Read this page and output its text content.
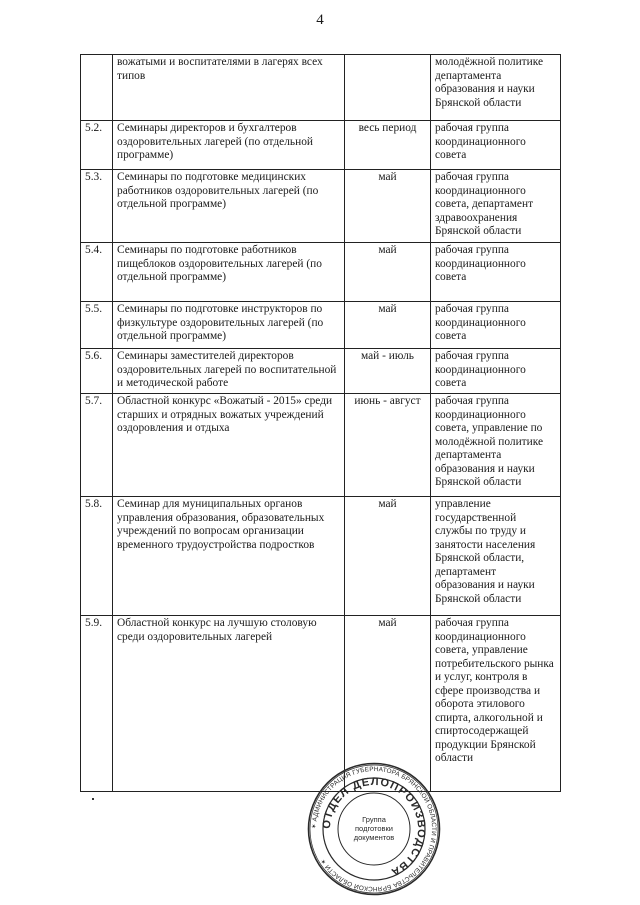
4
	вожатыми и воспитателями в лагерях всех типов		молодёжной политике департамента образования и науки Брянской области
5.2.	Семинары директоров и бухгалтеров оздоровительных лагерей (по отдельной программе)	весь период	рабочая группа координационного совета
5.3.	Семинары по подготовке медицинских работников оздоровительных лагерей (по отдельной программе)	май	рабочая группа координационного совета, департамент здравоохранения Брянской области
5.4.	Семинары по подготовке работников пищеблоков оздоровительных лагерей (по отдельной программе)	май	рабочая группа координационного совета
5.5.	Семинары по подготовке инструкторов по физкультуре оздоровительных лагерей (по отдельной программе)	май	рабочая группа координационного совета
5.6.	Семинары заместителей директоров оздоровительных лагерей по воспитательной и методической работе	май - июль	рабочая группа координационного совета
5.7.	Областной конкурс «Вожатый - 2015» среди старших и отрядных вожатых учреждений оздоровления и отдыха	июнь - август	рабочая группа координационного совета, управление по молодёжной политике департамента образования и науки Брянской области
5.8.	Семинар для муниципальных органов управления образования, образовательных учреждений по вопросам организации временного трудоустройства подростков	май	управление государственной службы по труду и занятости населения Брянской области, департамент образования и науки Брянской области
5.9.	Областной конкурс на лучшую столовую среди оздоровительных лагерей	май	рабочая группа координационного совета, управление потребительского рынка и услуг, контроля в сфере производства и оборота этилового спирта, алкогольной и спиртосодержащей продукции Брянской области
✶ АДМИНИСТРАЦИЯ ГУБЕРНАТОРА БРЯНСКОЙ ОБЛАСТИ И ПРАВИТЕЛЬСТВА БРЯНСКОЙ ОБЛАСТИ ✶
ОТДЕЛ ДЕЛОПРОИЗВОДСТВА
Группа подготовки документов
